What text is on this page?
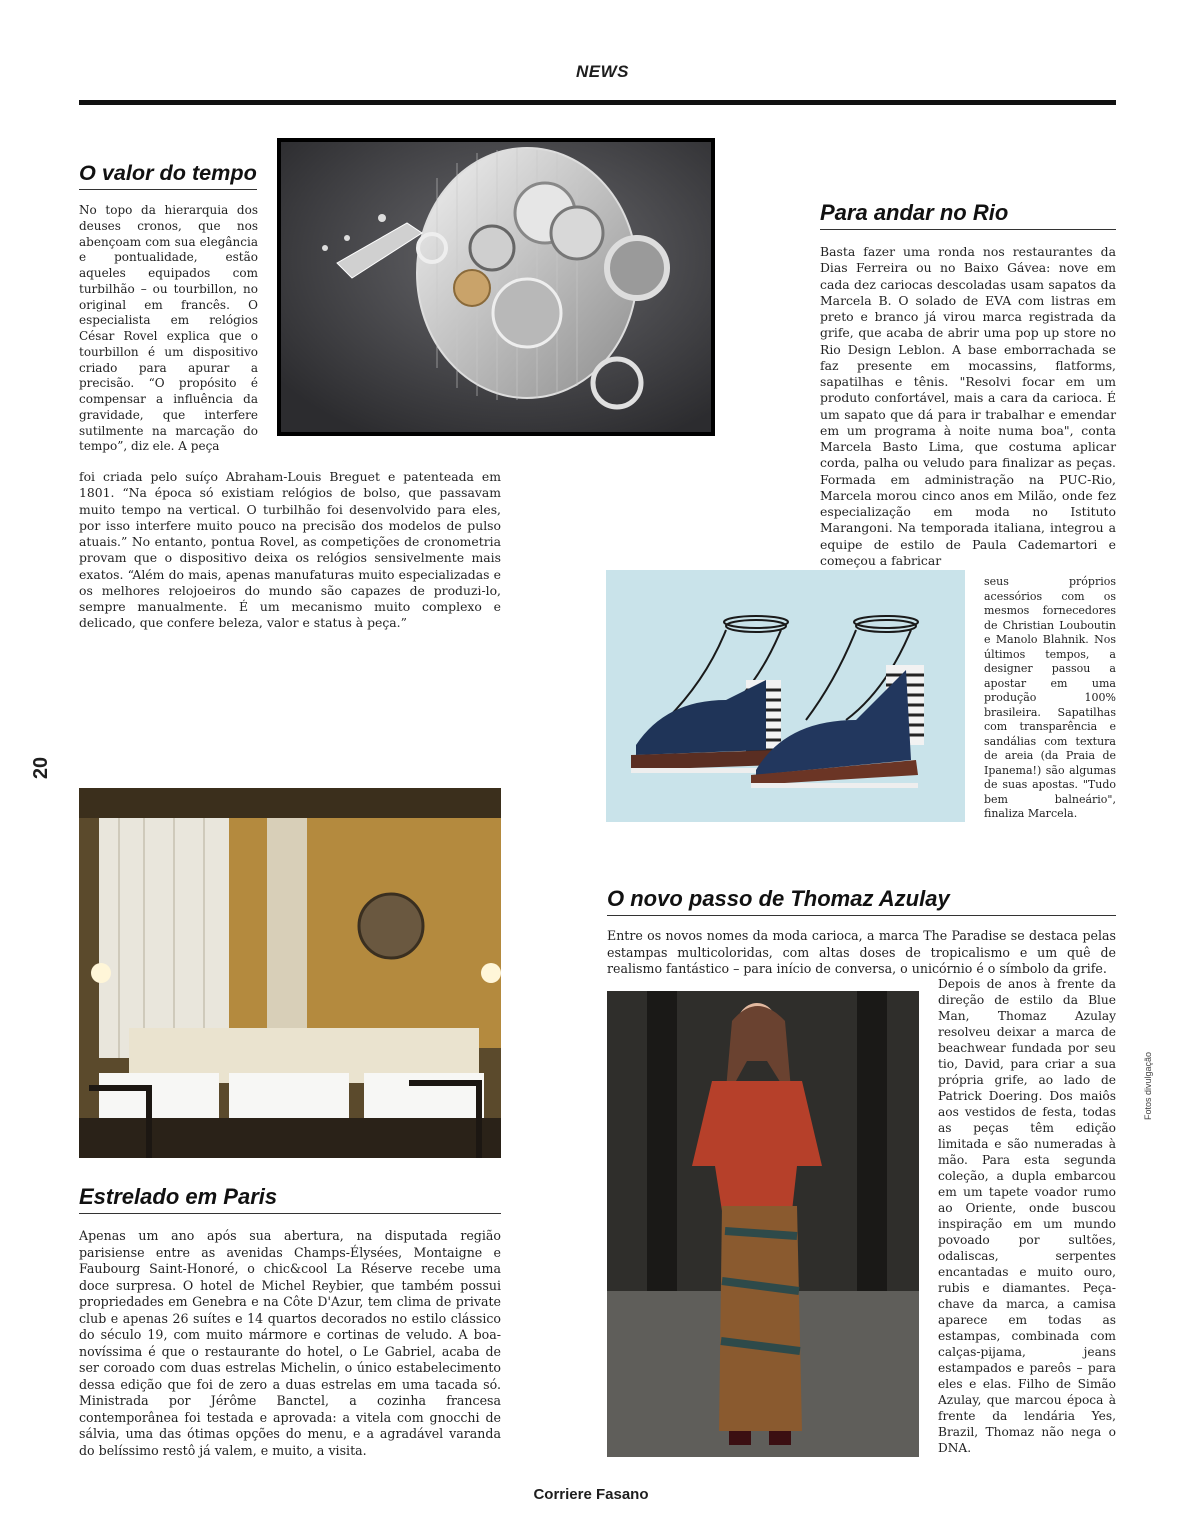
NEWS
20
O valor do tempo

No topo da hierarquia dos deuses cronos, que nos abençoam com sua elegância e pontualidade, estão aqueles equipados com turbilhão – ou tourbillon, no original em francês. O especialista em relógios César Rovel explica que o tourbillon é um dispositivo criado para apurar a precisão. “O propósito é compensar a influência da gravidade, que interfere sutilmente na marcação do tempo”, diz ele. A peça

foi criada pelo suíço Abraham-Louis Breguet e patenteada em 1801. “Na época só existiam relógios de bolso, que passavam muito tempo na vertical. O turbilhão foi desenvolvido para eles, por isso interfere muito pouco na precisão dos modelos de pulso atuais.” No entanto, pontua Rovel, as competições de cronometria provam que o dispositivo deixa os relógios sensivelmente mais exatos. “Além do mais, apenas manufaturas muito especializadas e os melhores relojoeiros do mundo são capazes de produzi-lo, sempre manualmente. É um mecanismo muito complexo e delicado, que confere beleza, valor e status à peça.”

Para andar no Rio

Basta fazer uma ronda nos restaurantes da Dias Ferreira ou no Baixo Gávea: nove em cada dez cariocas descoladas usam sapatos da Marcela B. O solado de EVA com listras em preto e branco já virou marca registrada da grife, que acaba de abrir uma pop up store no Rio Design Leblon. A base emborrachada se faz presente em mocassins, flatforms, sapatilhas e tênis. "Resolvi focar em um produto confortável, mais a cara da carioca. É um sapato que dá para ir trabalhar e emendar em um programa à noite numa boa", conta Marcela Basto Lima, que costuma aplicar corda, palha ou veludo para finalizar as peças. Formada em administração na PUC-Rio, Marcela morou cinco anos em Milão, onde fez especialização em moda no Istituto Marangoni. Na temporada italiana, integrou a equipe de estilo de Paula Cademartori e começou a fabricar

seus próprios acessórios com os mesmos fornecedores de Christian Louboutin e Manolo Blahnik. Nos últimos tempos, a designer passou a apostar em uma produção 100% brasileira. Sapatilhas com transparência e sandálias com textura de areia (da Praia de Ipanema!) são algumas de suas apostas. "Tudo bem balneário", finaliza Marcela.

Estrelado em Paris

Apenas um ano após sua abertura, na disputada região parisiense entre as avenidas Champs-Élysées, Montaigne e Faubourg Saint-Honoré, o chic&cool La Réserve recebe uma doce surpresa. O hotel de Michel Reybier, que também possui propriedades em Genebra e na Côte D'Azur, tem clima de private club e apenas 26 suítes e 14 quartos decorados no estilo clássico do século 19, com muito mármore e cortinas de veludo. A boa-novíssima é que o restaurante do hotel, o Le Gabriel, acaba de ser coroado com duas estrelas Michelin, o único estabelecimento dessa edição que foi de zero a duas estrelas em uma tacada só. Ministrada por Jérôme Banctel, a cozinha francesa contemporânea foi testada e aprovada: a vitela com gnocchi de sálvia, uma das ótimas opções do menu, e a agradável varanda do belíssimo restô já valem, e muito, a visita.

O novo passo de Thomaz Azulay

Entre os novos nomes da moda carioca, a marca The Paradise se destaca pelas estampas multicoloridas, com altas doses de tropicalismo e um quê de realismo fantástico – para início de conversa, o unicórnio é o símbolo da grife.

Depois de anos à frente da direção de estilo da Blue Man, Thomaz Azulay resolveu deixar a marca de beachwear fundada por seu tio, David, para criar a sua própria grife, ao lado de Patrick Doering. Dos maiôs aos vestidos de festa, todas as peças têm edição limitada e são numeradas à mão. Para esta segunda coleção, a dupla embarcou em um tapete voador rumo ao Oriente, onde buscou inspiração em um mundo povoado por sultões, odaliscas, serpentes encantadas e muito ouro, rubis e diamantes. Peça-chave da marca, a camisa aparece em todas as estampas, combinada com calças-pijama, jeans estampados e pareôs – para eles e elas. Filho de Simão Azulay, que marcou época à frente da lendária Yes, Brazil, Thomaz não nega o DNA.

Fotos divulgação
Corriere Fasano
